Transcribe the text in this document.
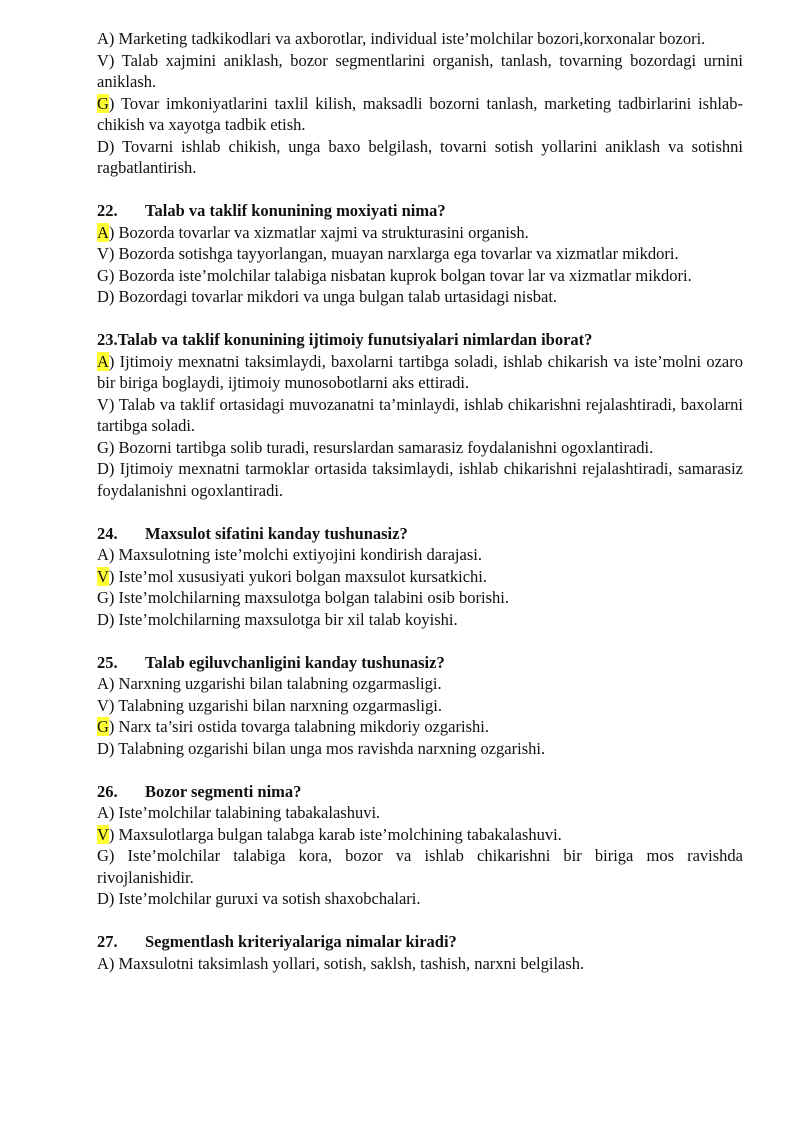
A) Marketing tadkikodlari va axborotlar, individual iste’molchilar bozori,korxonalar bozori.

V) Talab xajmini aniklash, bozor segmentlarini organish, tanlash, tovarning bozordagi urnini aniklash.

G) Tovar imkoniyatlarini taxlil kilish, maksadli bozorni tanlash, marketing tadbirlarini ishlab-chikish va xayotga tadbik etish.

D) Tovarni ishlab chikish, unga baxo belgilash, tovarni sotish yollarini aniklash va sotishni ragbatlantirish.

22.	Talab va taklif konunining moxiyati nima?

A) Bozorda tovarlar va xizmatlar xajmi va strukturasini organish.

V) Bozorda sotishga tayyorlangan, muayan narxlarga ega tovarlar va xizmatlar mikdori.

G) Bozorda iste’molchilar talabiga nisbatan kuprok bolgan tovar lar va xizmatlar mikdori.

D) Bozordagi tovarlar mikdori va unga bulgan talab urtasidagi nisbat.

23.Talab va taklif konunining ijtimoiy funutsiyalari nimlardan iborat?

A) Ijtimoiy mexnatni taksimlaydi, baxolarni tartibga soladi, ishlab chikarish va iste’molni ozaro bir biriga boglaydi, ijtimoiy munosobotlarni aks ettiradi.

V) Talab va taklif ortasidagi muvozanatni ta’minlaydi, ishlab chikarishni rejalashtiradi, baxolarni tartibga soladi.

G) Bozorni tartibga solib turadi, resurslardan samarasiz foydalanishni ogoxlantiradi.

D) Ijtimoiy mexnatni tarmoklar ortasida taksimlaydi, ishlab chikarishni rejalashtiradi, samarasiz foydalanishni ogoxlantiradi.

24.	Maxsulot sifatini kanday tushunasiz?

A) Maxsulotning iste’molchi extiyojini kondirish darajasi.

V) Iste’mol xususiyati yukori bolgan maxsulot kursatkichi.

G) Iste’molchilarning maxsulotga bolgan talabini osib borishi.

D) Iste’molchilarning maxsulotga bir xil talab koyishi.

25.	Talab egiluvchanligini kanday tushunasiz?

A) Narxning uzgarishi bilan talabning ozgarmasligi.

V) Talabning uzgarishi bilan narxning ozgarmasligi.

G) Narx ta’siri ostida tovarga talabning mikdoriy ozgarishi.

D) Talabning ozgarishi bilan unga mos ravishda narxning ozgarishi.

26.	Bozor segmenti nima?

A) Iste’molchilar talabining tabakalashuvi.

V) Maxsulotlarga bulgan talabga karab iste’molchining tabakalashuvi.

G) Iste’molchilar talabiga kora, bozor va ishlab chikarishni bir biriga mos ravishda rivojlanishidir.

D) Iste’molchilar guruxi va sotish shaxobchalari.

27.	Segmentlash kriteriyalariga nimalar kiradi?

A) Maxsulotni taksimlash yollari, sotish, saklsh, tashish, narxni belgilash.
